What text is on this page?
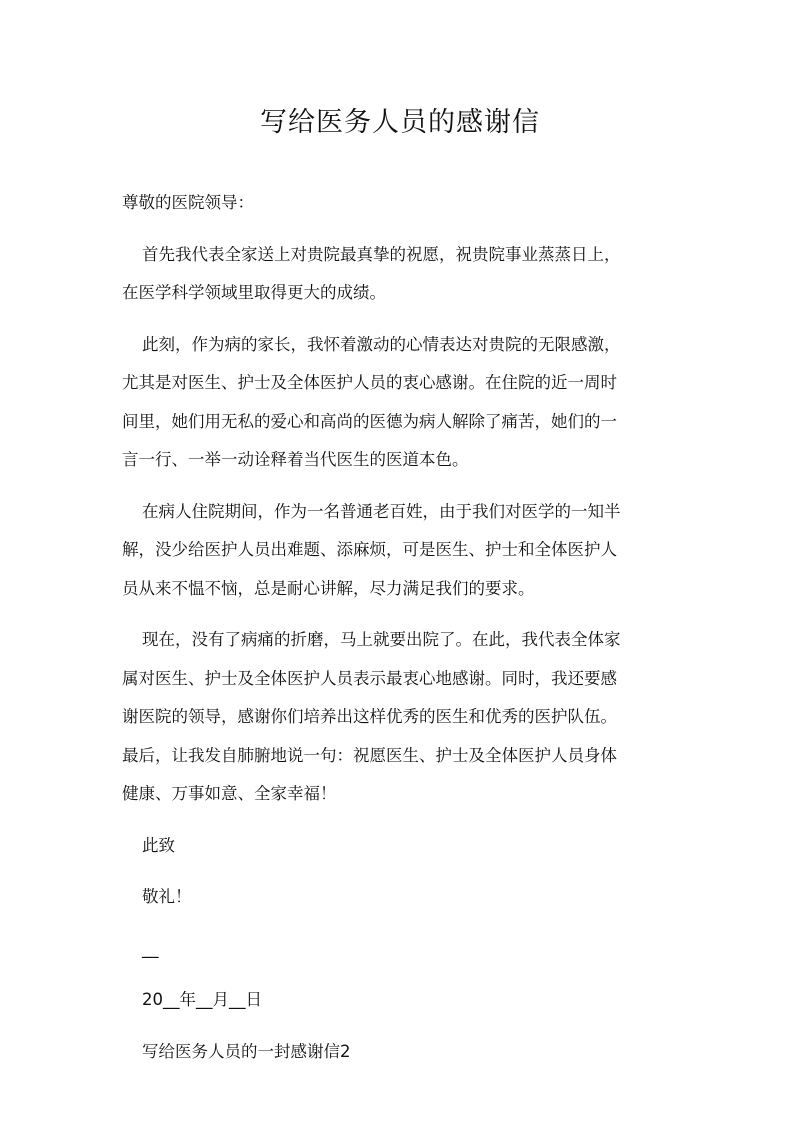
写给医务人员的感谢信
尊敬的医院领导：
首先我代表全家送上对贵院最真挚的祝愿，祝贵院事业蒸蒸日上，
在医学科学领域里取得更大的成绩。
此刻，作为病的家长，我怀着激动的心情表达对贵院的无限感激，
尤其是对医生、护士及全体医护人员的衷心感谢。在住院的近一周时
间里，她们用无私的爱心和高尚的医德为病人解除了痛苦，她们的一
言一行、一举一动诠释着当代医生的医道本色。
在病人住院期间，作为一名普通老百姓，由于我们对医学的一知半
解，没少给医护人员出难题、添麻烦，可是医生、护士和全体医护人
员从来不愠不恼，总是耐心讲解，尽力满足我们的要求。
现在，没有了病痛的折磨，马上就要出院了。在此，我代表全体家
属对医生、护士及全体医护人员表示最衷心地感谢。同时，我还要感
谢医院的领导，感谢你们培养出这样优秀的医生和优秀的医护队伍。
最后，让我发自肺腑地说一句：祝愿医生、护士及全体医护人员身体
健康、万事如意、全家幸福！
此致
敬礼！
__
20__年__月__日
写给医务人员的一封感谢信2
